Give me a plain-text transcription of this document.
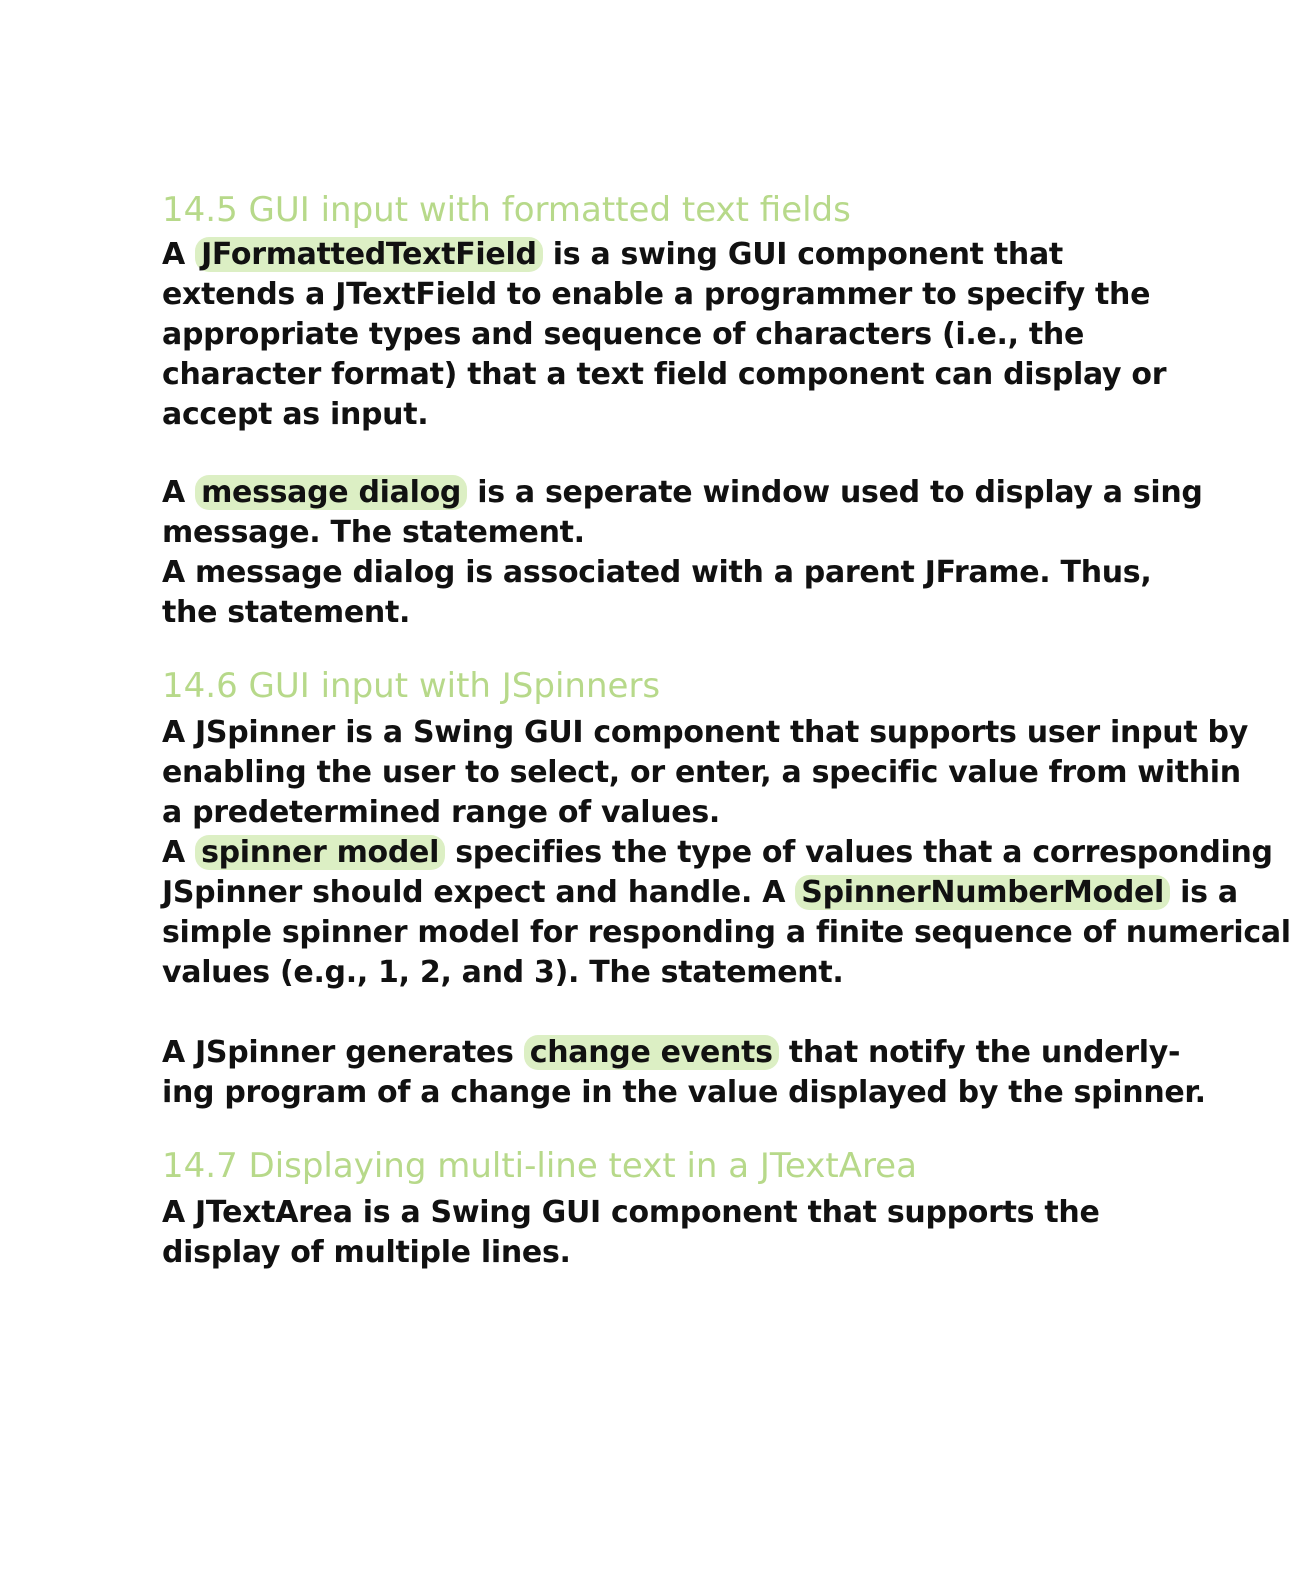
14.5 GUI input with formatted text fields
A JFormattedTextField is a swing GUI component that
extends a JTextField to enable a programmer to specify the
appropriate types and sequence of characters (i.e., the
character format) that a text field component can display or
accept as input.
A message dialog is a seperate window used to display a sing
message. The statement.
A message dialog is associated with a parent JFrame. Thus,
the statement.
14.6 GUI input with JSpinners
A JSpinner is a Swing GUI component that supports user input by
enabling the user to select, or enter, a specific value from within
a predetermined range of values.
A spinner model specifies the type of values that a corresponding
JSpinner should expect and handle. A SpinnerNumberModel is a
simple spinner model for responding a finite sequence of numerical
values (e.g., 1, 2, and 3). The statement.
A JSpinner generates change events that notify the underly-
ing program of a change in the value displayed by the spinner.
14.7 Displaying multi-line text in a JTextArea
A JTextArea is a Swing GUI component that supports the
display of multiple lines.
